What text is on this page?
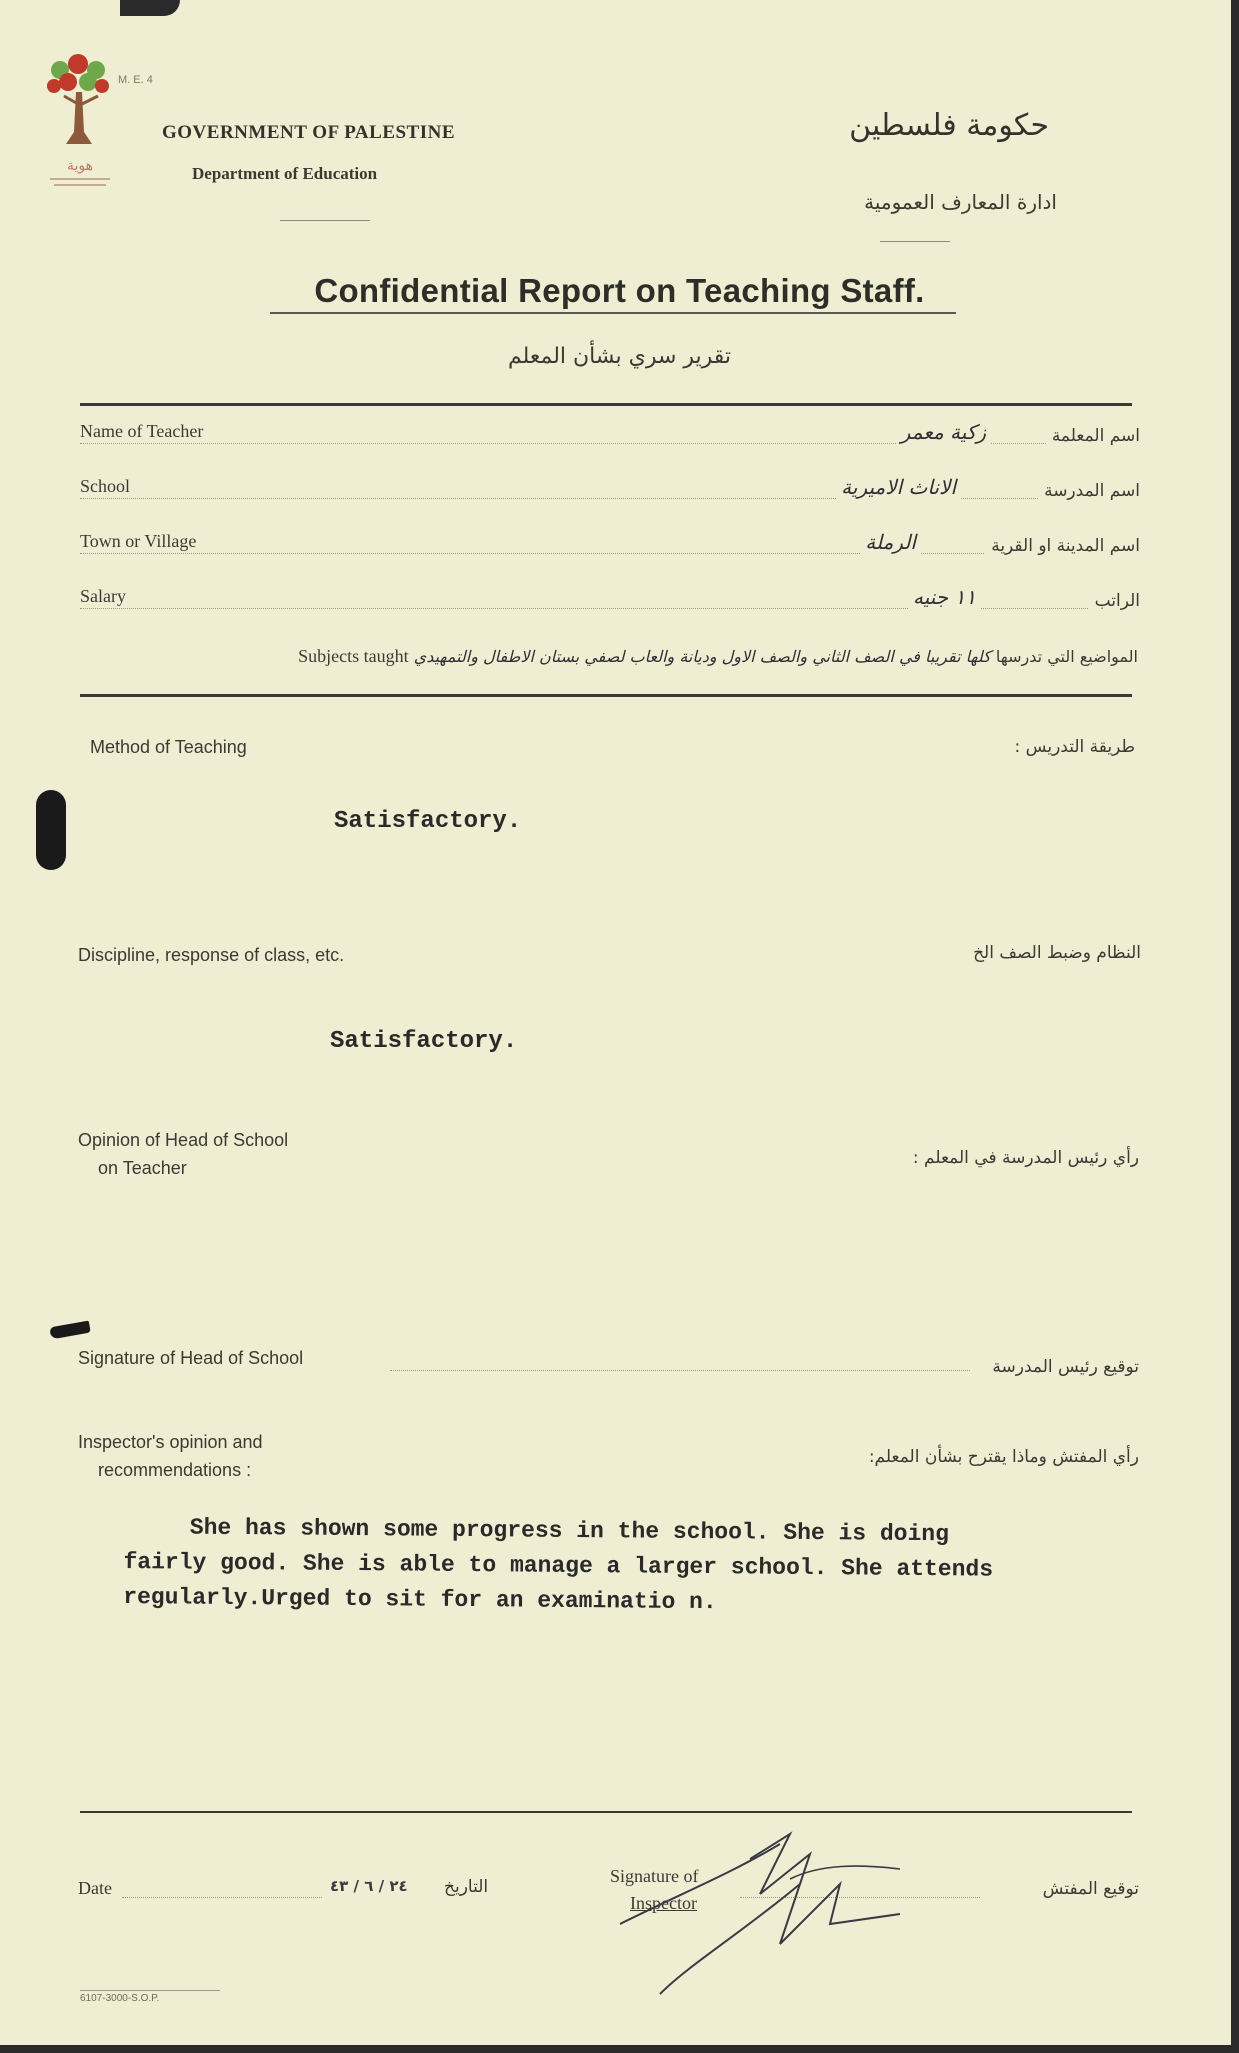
هوية
M. E. 4
GOVERNMENT OF PALESTINE
Department of Education
حكومة فلسطين
ادارة المعارف العمومية
Confidential Report on Teaching Staff.
تقرير سري بشأن المعلم
Name of Teacher	زكية معمر	اسم المعلمة
School	الاناث الاميرية	اسم المدرسة
Town or Village	الرملة	اسم المدينة او القرية
Salary	١١ جنيه	الراتب
المواضيع التي تدرسها كلها تقريبا في الصف الثاني والصف الاول وديانة والعاب لصفي بستان الاطفال والتمهيدي Subjects taught
Method of Teaching	طريقة التدريس :
Satisfactory.
Discipline, response of class, etc.	النظام وضبط الصف الخ
Satisfactory.
Opinion of Head of School
on Teacher	رأي رئيس المدرسة في المعلم :
Signature of Head of School	توقيع رئيس المدرسة
Inspector's opinion and
recommendations :
رأي المفتش وماذا يقترح بشأن المعلم:
She has shown some progress in the school. She is doing
fairly good. She is able to manage a larger school. She attends
regularly.Urged to sit for an examinatio n.
Date	٢٤ / ٦ / ٤٣ التاريخ
Signature of
Inspector
توقيع المفتش
6107-3000-S.O.P.
